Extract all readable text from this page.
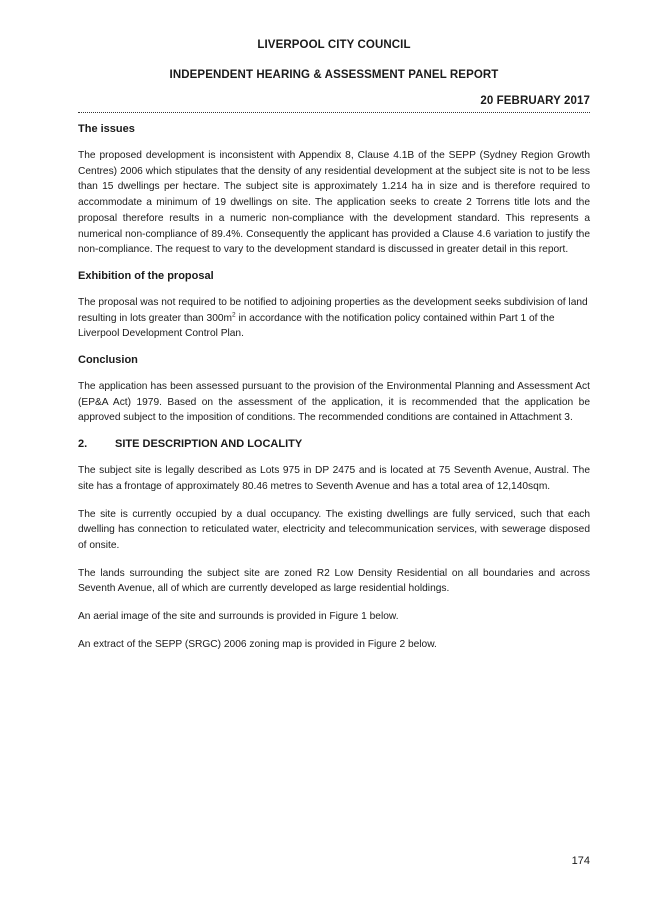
LIVERPOOL CITY COUNCIL
INDEPENDENT HEARING & ASSESSMENT PANEL REPORT
20 FEBRUARY 2017
The issues

The proposed development is inconsistent with Appendix 8, Clause 4.1B of the SEPP (Sydney Region Growth Centres) 2006 which stipulates that the density of any residential development at the subject site is not to be less than 15 dwellings per hectare. The subject site is approximately 1.214 ha in size and is therefore required to accommodate a minimum of 19 dwellings on site. The application seeks to create 2 Torrens title lots and the proposal therefore results in a numeric non-compliance with the development standard. This represents a numerical non-compliance of 89.4%. Consequently the applicant has provided a Clause 4.6 variation to justify the non-compliance. The request to vary to the development standard is discussed in greater detail in this report.

Exhibition of the proposal

The proposal was not required to be notified to adjoining properties as the development seeks subdivision of land resulting in lots greater than $300m^2$ in accordance with the notification policy contained within Part 1 of the Liverpool Development Control Plan.

Conclusion

The application has been assessed pursuant to the provision of the Environmental Planning and Assessment Act (EP&A Act) 1979. Based on the assessment of the application, it is recommended that the application be approved subject to the imposition of conditions. The recommended conditions are contained in Attachment 3.

2.	SITE DESCRIPTION AND LOCALITY

The subject site is legally described as Lots 975 in DP 2475 and is located at 75 Seventh Avenue, Austral. The site has a frontage of approximately 80.46 metres to Seventh Avenue and has a total area of 12,140sqm.

The site is currently occupied by a dual occupancy. The existing dwellings are fully serviced, such that each dwelling has connection to reticulated water, electricity and telecommunication services, with sewerage disposed of onsite.

The lands surrounding the subject site are zoned R2 Low Density Residential on all boundaries and across Seventh Avenue, all of which are currently developed as large residential holdings.

An aerial image of the site and surrounds is provided in Figure 1 below.

An extract of the SEPP (SRGC) 2006 zoning map is provided in Figure 2 below.

174
